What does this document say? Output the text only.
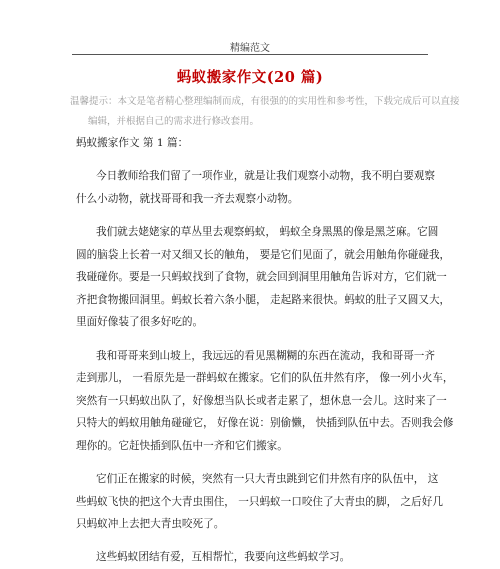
精编范文
蚂蚁搬家作文(20 篇)
温馨提示：本文是笔者精心整理编制而成，有很强的的实用性和参考性，下载完成后可以直接
编辑，并根据自己的需求进行修改套用。
蚂蚁搬家作文 第 1 篇：
今日教师给我们留了一项作业，就是让我们观察小动物，我不明白要观察
什么小动物，就找哥哥和我一齐去观察小动物。
我们就去姥姥家的草丛里去观察蚂蚁， 蚂蚁全身黑黑的像是黑芝麻。它圆
圆的脑袋上长着一对又细又长的触角， 要是它们见面了，就会用触角你碰碰我，
我碰碰你。要是一只蚂蚁找到了食物，就会回到洞里用触角告诉对方，它们就一
齐把食物搬回洞里。蚂蚁长着六条小腿， 走起路来很快。蚂蚁的肚子又圆又大，
里面好像装了很多好吃的。
我和哥哥来到山坡上，我远远的看见黑糊糊的东西在流动，我和哥哥一齐
走到那儿， 一看原先是一群蚂蚁在搬家。它们的队伍井然有序， 像一列小火车，
突然有一只蚂蚁出队了，好像想当队长或者走累了，想休息一会儿。这时来了一
只特大的蚂蚁用触角碰碰它， 好像在说：别偷懒， 快插到队伍中去。否则我会修
理你的。它赶快插到队伍中一齐和它们搬家。
它们正在搬家的时候，突然有一只大青虫跳到它们井然有序的队伍中， 这
些蚂蚁飞快的把这个大青虫围住， 一只蚂蚁一口咬住了大青虫的脚， 之后好几
只蚂蚁冲上去把大青虫咬死了。
这些蚂蚁团结有爱，互相帮忙，我要向这些蚂蚁学习。
